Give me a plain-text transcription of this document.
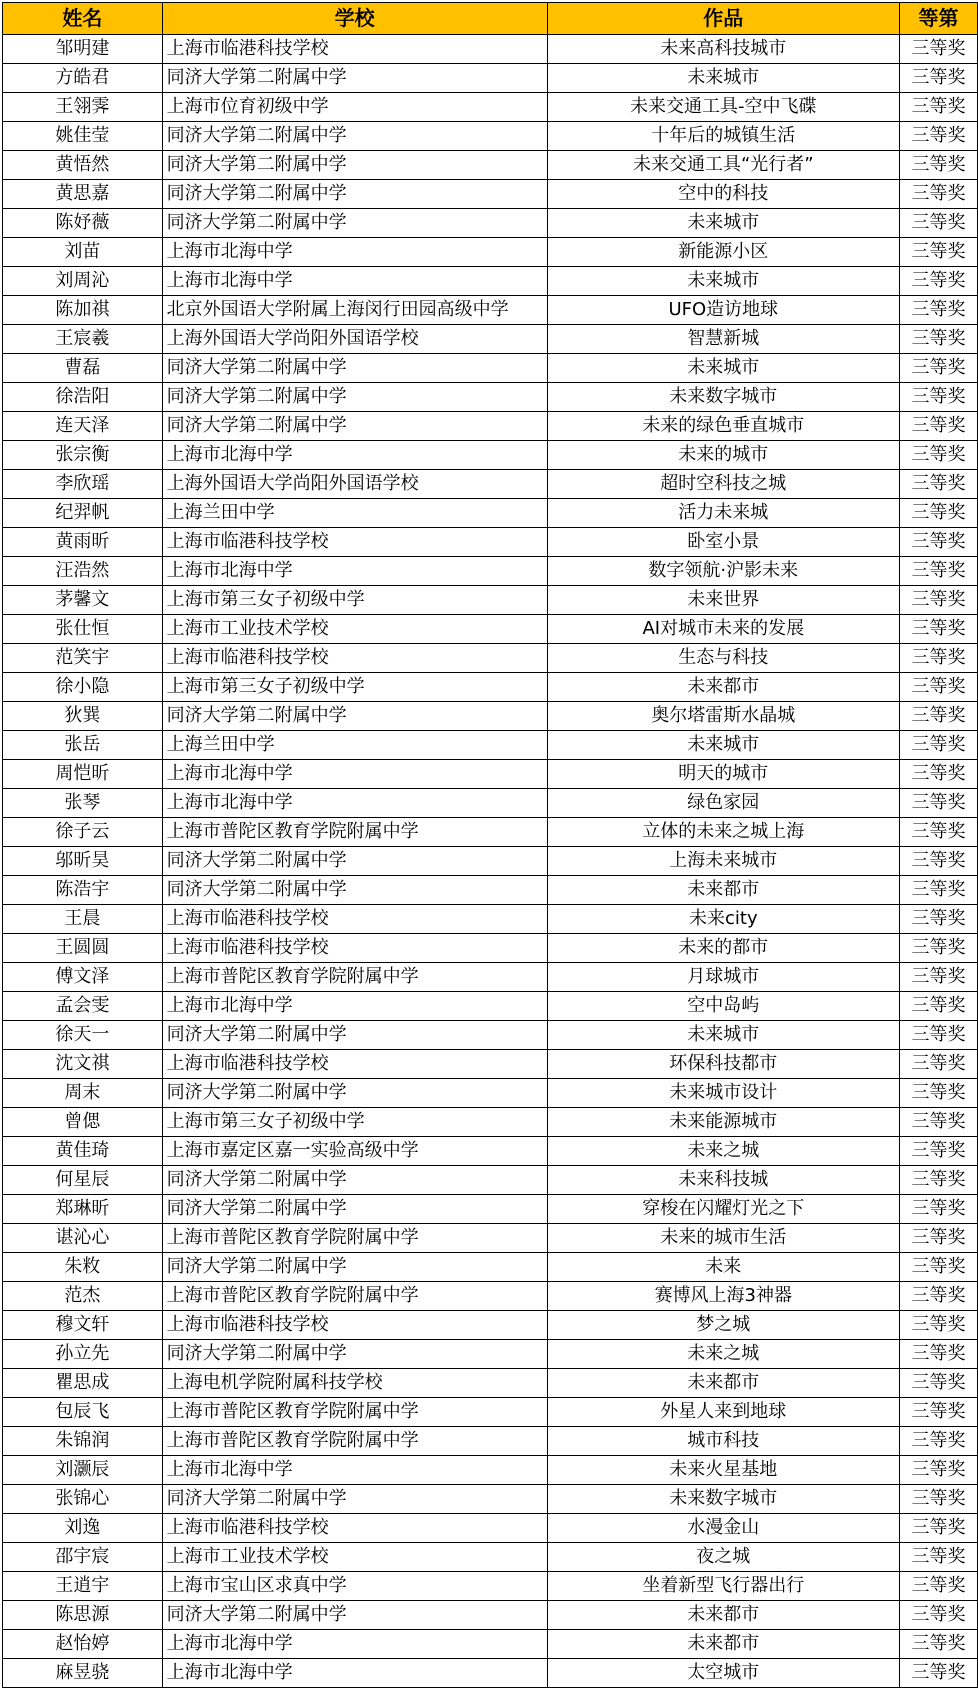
姓名	学校	作品	等第
邹明建	上海市临港科技学校	未来高科技城市	三等奖
方皓君	同济大学第二附属中学	未来城市	三等奖
王翎霁	上海市位育初级中学	未来交通工具-空中飞碟	三等奖
姚佳莹	同济大学第二附属中学	十年后的城镇生活	三等奖
黄悟然	同济大学第二附属中学	未来交通工具“光行者”	三等奖
黄思嘉	同济大学第二附属中学	空中的科技	三等奖
陈妤薇	同济大学第二附属中学	未来城市	三等奖
刘苗	上海市北海中学	新能源小区	三等奖
刘周沁	上海市北海中学	未来城市	三等奖
陈加祺	北京外国语大学附属上海闵行田园高级中学	UFO造访地球	三等奖
王宸羲	上海外国语大学尚阳外国语学校	智慧新城	三等奖
曹磊	同济大学第二附属中学	未来城市	三等奖
徐浩阳	同济大学第二附属中学	未来数字城市	三等奖
连天泽	同济大学第二附属中学	未来的绿色垂直城市	三等奖
张宗衡	上海市北海中学	未来的城市	三等奖
李欣瑶	上海外国语大学尚阳外国语学校	超时空科技之城	三等奖
纪羿帆	上海兰田中学	活力未来城	三等奖
黄雨昕	上海市临港科技学校	卧室小景	三等奖
汪浩然	上海市北海中学	数字领航·沪影未来	三等奖
茅馨文	上海市第三女子初级中学	未来世界	三等奖
张仕恒	上海市工业技术学校	AI对城市未来的发展	三等奖
范笑宇	上海市临港科技学校	生态与科技	三等奖
徐小隐	上海市第三女子初级中学	未来都市	三等奖
狄巽	同济大学第二附属中学	奥尔塔雷斯水晶城	三等奖
张岳	上海兰田中学	未来城市	三等奖
周恺昕	上海市北海中学	明天的城市	三等奖
张琴	上海市北海中学	绿色家园	三等奖
徐子云	上海市普陀区教育学院附属中学	立体的未来之城上海	三等奖
邬昕昊	同济大学第二附属中学	上海未来城市	三等奖
陈浩宇	同济大学第二附属中学	未来都市	三等奖
王晨	上海市临港科技学校	未来city	三等奖
王圆圆	上海市临港科技学校	未来的都市	三等奖
傅文泽	上海市普陀区教育学院附属中学	月球城市	三等奖
孟会雯	上海市北海中学	空中岛屿	三等奖
徐天一	同济大学第二附属中学	未来城市	三等奖
沈文祺	上海市临港科技学校	环保科技都市	三等奖
周末	同济大学第二附属中学	未来城市设计	三等奖
曾偲	上海市第三女子初级中学	未来能源城市	三等奖
黄佳琦	上海市嘉定区嘉一实验高级中学	未来之城	三等奖
何星辰	同济大学第二附属中学	未来科技城	三等奖
郑琳昕	同济大学第二附属中学	穿梭在闪耀灯光之下	三等奖
谌沁心	上海市普陀区教育学院附属中学	未来的城市生活	三等奖
朱敉	同济大学第二附属中学	未来	三等奖
范杰	上海市普陀区教育学院附属中学	赛博风上海3神器	三等奖
穆文轩	上海市临港科技学校	梦之城	三等奖
孙立先	同济大学第二附属中学	未来之城	三等奖
瞿思成	上海电机学院附属科技学校	未来都市	三等奖
包辰飞	上海市普陀区教育学院附属中学	外星人来到地球	三等奖
朱锦润	上海市普陀区教育学院附属中学	城市科技	三等奖
刘灏辰	上海市北海中学	未来火星基地	三等奖
张锦心	同济大学第二附属中学	未来数字城市	三等奖
刘逸	上海市临港科技学校	水漫金山	三等奖
邵宇宸	上海市工业技术学校	夜之城	三等奖
王逍宇	上海市宝山区求真中学	坐着新型飞行器出行	三等奖
陈思源	同济大学第二附属中学	未来都市	三等奖
赵怡婷	上海市北海中学	未来都市	三等奖
麻昱骁	上海市北海中学	太空城市	三等奖
